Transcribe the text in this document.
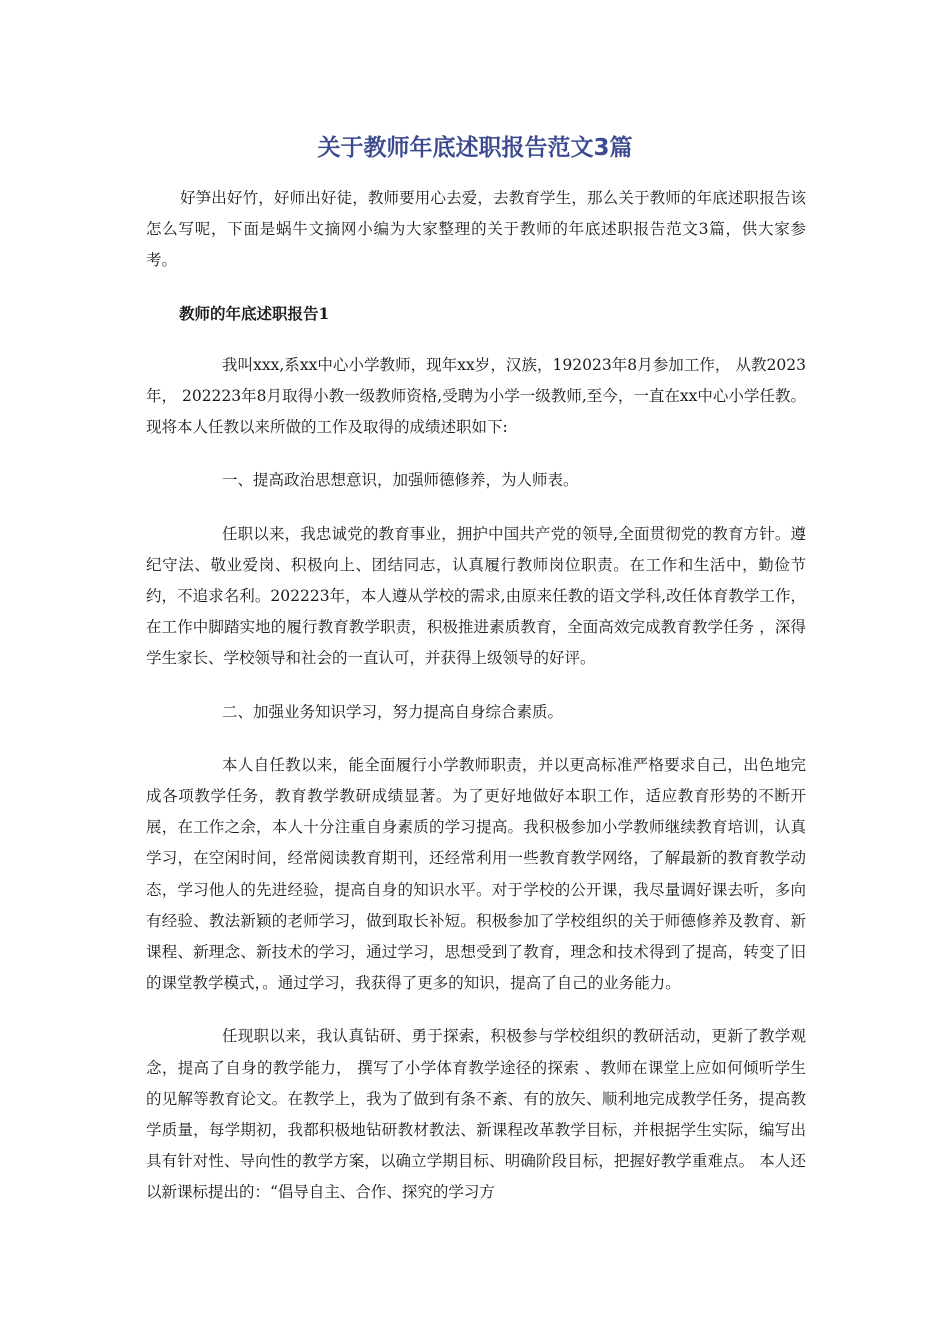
关于教师年底述职报告范文3篇

好笋出好竹，好师出好徒，教师要用心去爱，去教育学生，那么关于教师的年底述职报告该怎么写呢，下面是蜗牛文摘网小编为大家整理的关于教师的年底述职报告范文3篇，供大家参考。

教师的年底述职报告1

我叫xxx,系xx中心小学教师，现年xx岁，汉族，192023年8月参加工作， 从教2023年， 202223年8月取得小教一级教师资格,受聘为小学一级教师,至今，一直在xx中心小学任教。现将本人任教以来所做的工作及取得的成绩述职如下:

一、提高政治思想意识，加强师德修养，为人师表。

任职以来，我忠诚党的教育事业，拥护中国共产党的领导,全面贯彻党的教育方针。遵纪守法、敬业爱岗、积极向上、团结同志，认真履行教师岗位职责。在工作和生活中，勤俭节约，不追求名利。202223年，本人遵从学校的需求,由原来任教的语文学科,改任体育教学工作，在工作中脚踏实地的履行教育教学职责，积极推进素质教育，全面高效完成教育教学任务 ，深得学生家长、学校领导和社会的一直认可，并获得上级领导的好评。

二、加强业务知识学习，努力提高自身综合素质。

本人自任教以来，能全面履行小学教师职责，并以更高标准严格要求自己，出色地完成各项教学任务，教育教学教研成绩显著。为了更好地做好本职工作，适应教育形势的不断开展，在工作之余，本人十分注重自身素质的学习提高。我积极参加小学教师继续教育培训，认真学习，在空闲时间，经常阅读教育期刊，还经常利用一些教育教学网络，了解最新的教育教学动态，学习他人的先进经验，提高自身的知识水平。对于学校的公开课，我尽量调好课去听，多向有经验、教法新颖的老师学习，做到取长补短。积极参加了学校组织的关于师德修养及教育、新课程、新理念、新技术的学习，通过学习，思想受到了教育，理念和技术得到了提高，转变了旧的课堂教学模式，。通过学习，我获得了更多的知识，提高了自己的业务能力。

任现职以来，我认真钻研、勇于探索，积极参与学校组织的教研活动，更新了教学观念，提高了自身的教学能力， 撰写了小学体育教学途径的探索 、教师在课堂上应如何倾听学生的见解等教育论文。在教学上，我为了做到有条不紊、有的放矢、顺利地完成教学任务，提高教学质量，每学期初，我都积极地钻研教材教法、新课程改革教学目标，并根据学生实际，编写出具有针对性、导向性的教学方案，以确立学期目标、明确阶段目标，把握好教学重难点。 本人还以新课标提出的：“倡导自主、合作、探究的学习方
